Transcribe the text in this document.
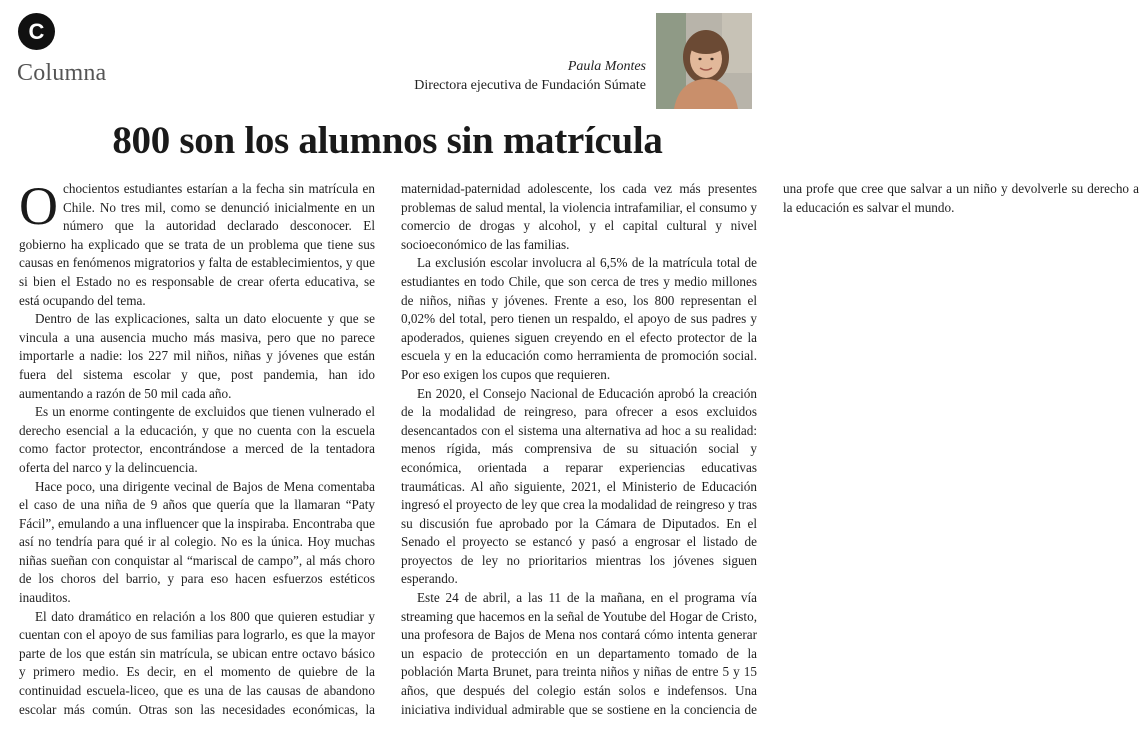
C
Columna	Paula Montes
Directora ejecutiva de Fundación Súmate
800 son los alumnos sin matrícula

Ochocientos estudiantes estarían a la fecha sin matrícula en Chile. No tres mil, como se denunció inicialmente en un número que la autoridad declarado desconocer. El gobierno ha explicado que se trata de un problema que tiene sus causas en fenómenos migratorios y falta de establecimientos, y que si bien el Estado no es responsable de crear oferta educativa, se está ocupando del tema.

Dentro de las explicaciones, salta un dato elocuente y que se vincula a una ausencia mucho más masiva, pero que no parece importarle a nadie: los 227 mil niños, niñas y jóvenes que están fuera del sistema escolar y que, post pandemia, han ido aumentando a razón de 50 mil cada año.

Es un enorme contingente de excluidos que tienen vulnerado el derecho esencial a la educación, y que no cuenta con la escuela como factor protector, encontrándose a merced de la tentadora oferta del narco y la delincuencia.

Hace poco, una dirigente vecinal de Bajos de Mena comentaba el caso de una niña de 9 años que quería que la llamaran “Paty Fácil”, emulando a una influencer que la inspiraba. Encontraba que así no tendría para qué ir al colegio. No es la única. Hoy muchas niñas sueñan con conquistar al “mariscal de campo”, al más choro de los choros del barrio, y para eso hacen esfuerzos estéticos inauditos.

El dato dramático en relación a los 800 que quieren estudiar y cuentan con el apoyo de sus familias para lograrlo, es que la mayor parte de los que están sin matrícula, se ubican entre octavo básico y primero medio. Es decir, en el momento de quiebre de la continuidad escuela-liceo, que es una de las causas de abandono escolar más común. Otras son las necesidades económicas, la maternidad-paternidad adolescente, los cada vez más presentes problemas de salud mental, la violencia intrafamiliar, el consumo y comercio de drogas y alcohol, y el capital cultural y nivel socioeconómico de las familias.

La exclusión escolar involucra al 6,5% de la matrícula total de estudiantes en todo Chile, que son cerca de tres y medio millones de niños, niñas y jóvenes. Frente a eso, los 800 representan el 0,02% del total, pero tienen un respaldo, el apoyo de sus padres y apoderados, quienes siguen creyendo en el efecto protector de la escuela y en la educación como herramienta de promoción social. Por eso exigen los cupos que requieren.

En 2020, el Consejo Nacional de Educación aprobó la creación de la modalidad de reingreso, para ofrecer a esos excluidos desencantados con el sistema una alternativa ad hoc a su realidad: menos rígida, más comprensiva de su situación social y económica, orientada a reparar experiencias educativas traumáticas. Al año siguiente, 2021, el Ministerio de Educación ingresó el proyecto de ley que crea la modalidad de reingreso y tras su discusión fue aprobado por la Cámara de Diputados. En el Senado el proyecto se estancó y pasó a engrosar el listado de proyectos de ley no prioritarios mientras los jóvenes siguen esperando.

Este 24 de abril, a las 11 de la mañana, en el programa vía streaming que hacemos en la señal de Youtube del Hogar de Cristo, una profesora de Bajos de Mena nos contará cómo intenta generar un espacio de protección en un departamento tomado de la población Marta Brunet, para treinta niños y niñas de entre 5 y 15 años, que después del colegio están solos e indefensos. Una iniciativa individual admirable que se sostiene en la conciencia de una profe que cree que salvar a un niño y devolverle su derecho a la educación es salvar el mundo.
